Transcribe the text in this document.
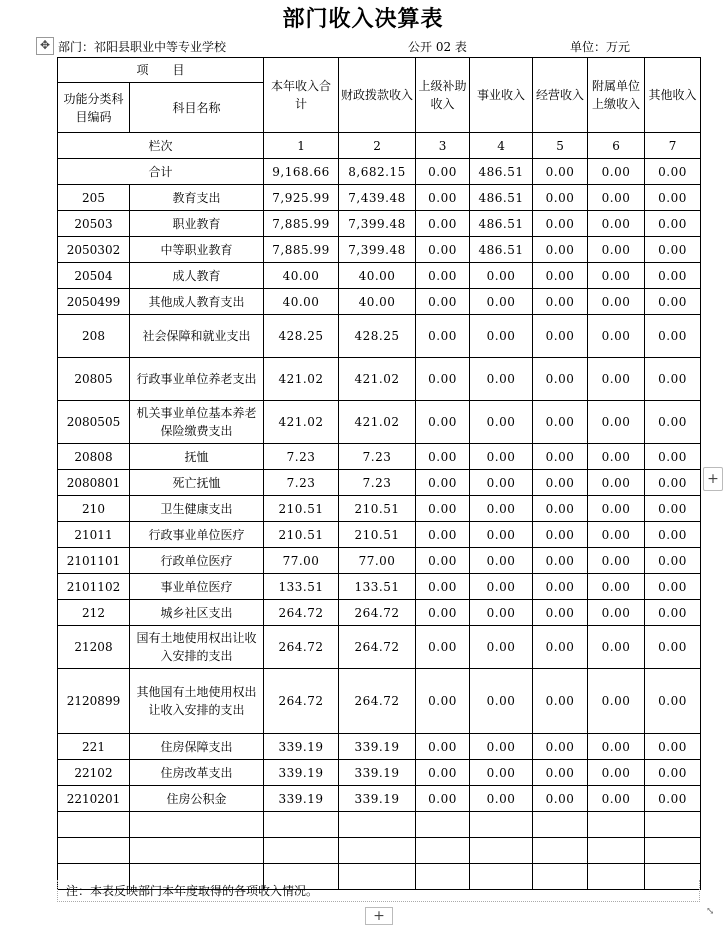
部门收入决算表
✥ 部门：祁阳县职业中等专业学校	公开 02 表	单位：万元
项　　目		本年收入合计	财政拨款收入	上级补助收入	事业收入	经营收入	附属单位上缴收入	其他收入
功能分类科目编码	科目名称							
栏次		1	2	3	4	5	6	7
合计		9,168.66	8,682.15	0.00	486.51	0.00	0.00	0.00
205	教育支出	7,925.99	7,439.48	0.00	486.51	0.00	0.00	0.00
20503	职业教育	7,885.99	7,399.48	0.00	486.51	0.00	0.00	0.00
2050302	中等职业教育	7,885.99	7,399.48	0.00	486.51	0.00	0.00	0.00
20504	成人教育	40.00	40.00	0.00	0.00	0.00	0.00	0.00
2050499	其他成人教育支出	40.00	40.00	0.00	0.00	0.00	0.00	0.00
208	社会保障和就业支出	428.25	428.25	0.00	0.00	0.00	0.00	0.00
20805	行政事业单位养老支出	421.02	421.02	0.00	0.00	0.00	0.00	0.00
2080505	机关事业单位基本养老保险缴费支出	421.02	421.02	0.00	0.00	0.00	0.00	0.00
20808	抚恤	7.23	7.23	0.00	0.00	0.00	0.00	0.00
2080801	死亡抚恤	7.23	7.23	0.00	0.00	0.00	0.00	0.00
210	卫生健康支出	210.51	210.51	0.00	0.00	0.00	0.00	0.00
21011	行政事业单位医疗	210.51	210.51	0.00	0.00	0.00	0.00	0.00
2101101	行政单位医疗	77.00	77.00	0.00	0.00	0.00	0.00	0.00
2101102	事业单位医疗	133.51	133.51	0.00	0.00	0.00	0.00	0.00
212	城乡社区支出	264.72	264.72	0.00	0.00	0.00	0.00	0.00
21208	国有土地使用权出让收入安排的支出	264.72	264.72	0.00	0.00	0.00	0.00	0.00
2120899	其他国有土地使用权出让收入安排的支出	264.72	264.72	0.00	0.00	0.00	0.00	0.00
221	住房保障支出	339.19	339.19	0.00	0.00	0.00	0.00	0.00
22102	住房改革支出	339.19	339.19	0.00	0.00	0.00	0.00	0.00
2210201	住房公积金	339.19	339.19	0.00	0.00	0.00	0.00	0.00

注：本表反映部门本年度取得的各项收入情况。
+
+	⤡
